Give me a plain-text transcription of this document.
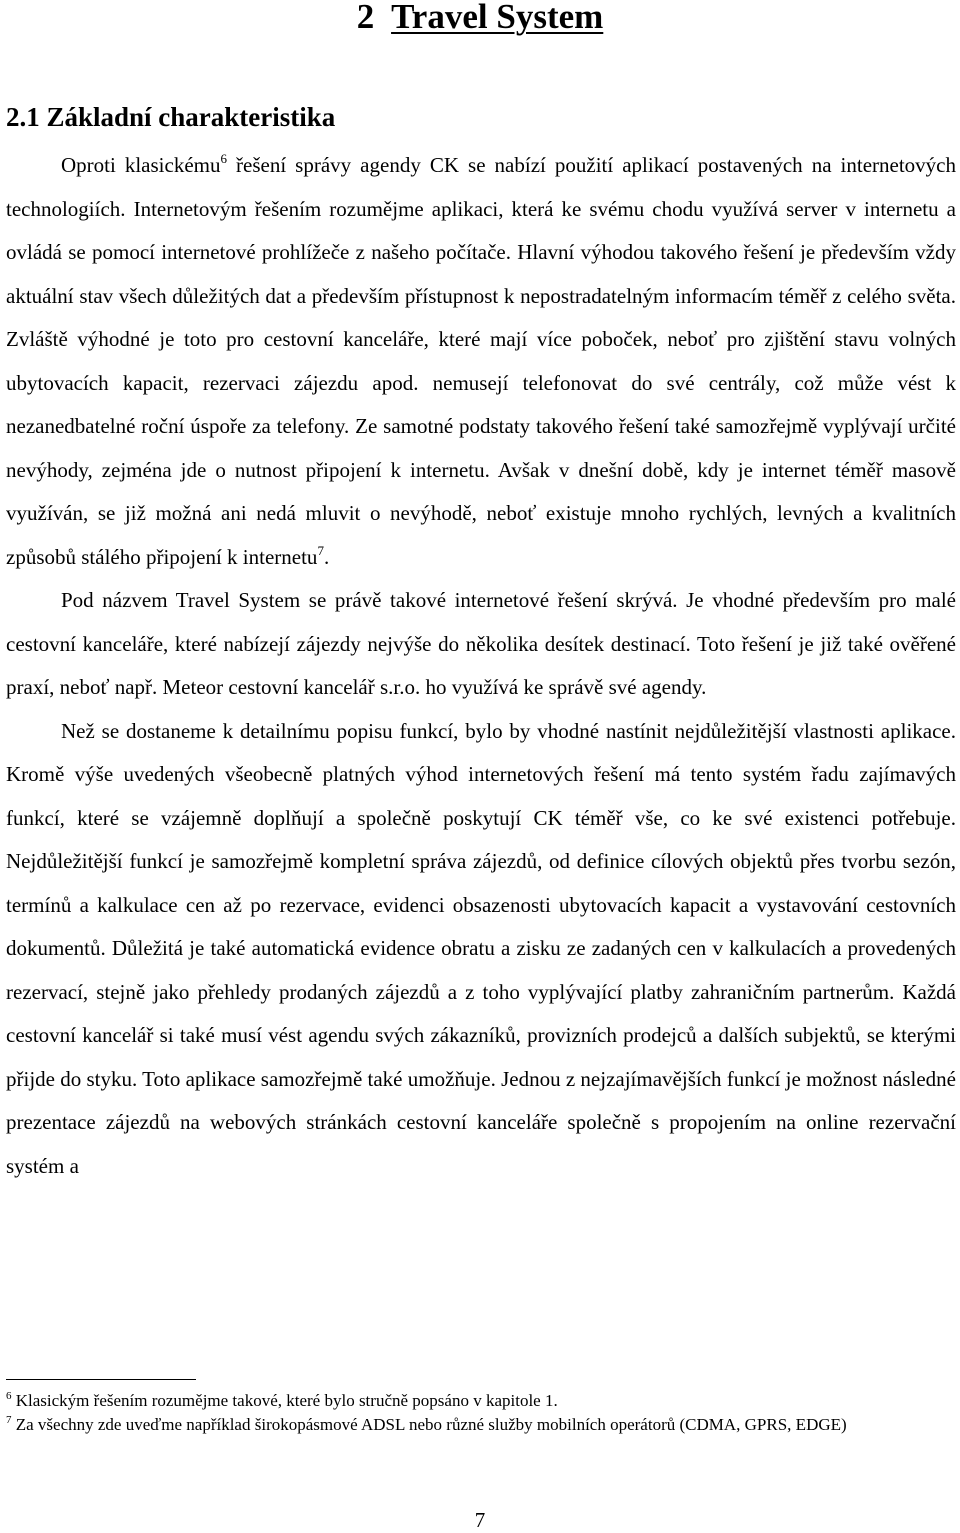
2 Travel System
2.1 Základní charakteristika

Oproti klasickému$^6$ řešení správy agendy CK se nabízí použití aplikací postavených na internetových technologiích. Internetovým řešením rozumějme aplikaci, která ke svému chodu využívá server v internetu a ovládá se pomocí internetové prohlížeče z našeho počítače. Hlavní výhodou takového řešení je především vždy aktuální stav všech důležitých dat a především přístupnost k nepostradatelným informacím téměř z celého světa. Zvláště výhodné je toto pro cestovní kanceláře, které mají více poboček, neboť pro zjištění stavu volných ubytovacích kapacit, rezervaci zájezdu apod. nemusejí telefonovat do své centrály, což může vést k nezanedbatelné roční úspoře za telefony. Ze samotné podstaty takového řešení také samozřejmě vyplývají určité nevýhody, zejména jde o nutnost připojení k internetu. Avšak v dnešní době, kdy je internet téměř masově využíván, se již možná ani nedá mluvit o nevýhodě, neboť existuje mnoho rychlých, levných a kvalitních způsobů stálého připojení k internetu$^7$.

Pod názvem Travel System se právě takové internetové řešení skrývá. Je vhodné především pro malé cestovní kanceláře, které nabízejí zájezdy nejvýše do několika desítek destinací. Toto řešení je již také ověřené praxí, neboť např. Meteor cestovní kancelář s.r.o. ho využívá ke správě své agendy.

Než se dostaneme k detailnímu popisu funkcí, bylo by vhodné nastínit nejdůležitější vlastnosti aplikace. Kromě výše uvedených všeobecně platných výhod internetových řešení má tento systém řadu zajímavých funkcí, které se vzájemně doplňují a společně poskytují CK téměř vše, co ke své existenci potřebuje. Nejdůležitější funkcí je samozřejmě kompletní správa zájezdů, od definice cílových objektů přes tvorbu sezón, termínů a kalkulace cen až po rezervace, evidenci obsazenosti ubytovacích kapacit a vystavování cestovních dokumentů. Důležitá je také automatická evidence obratu a zisku ze zadaných cen v kalkulacích a provedených rezervací, stejně jako přehledy prodaných zájezdů a z toho vyplývající platby zahraničním partnerům. Každá cestovní kancelář si také musí vést agendu svých zákazníků, provizních prodejců a dalších subjektů, se kterými přijde do styku. Toto aplikace samozřejmě také umožňuje. Jednou z nejzajímavějších funkcí je možnost následné prezentace zájezdů na webových stránkách cestovní kanceláře společně s propojením na online rezervační systém a

$^6$ Klasickým řešením rozumějme takové, které bylo stručně popsáno v kapitole 1.

$^7$ Za všechny zde uveďme například širokopásmové ADSL nebo různé služby mobilních operátorů (CDMA, GPRS, EDGE)

7
